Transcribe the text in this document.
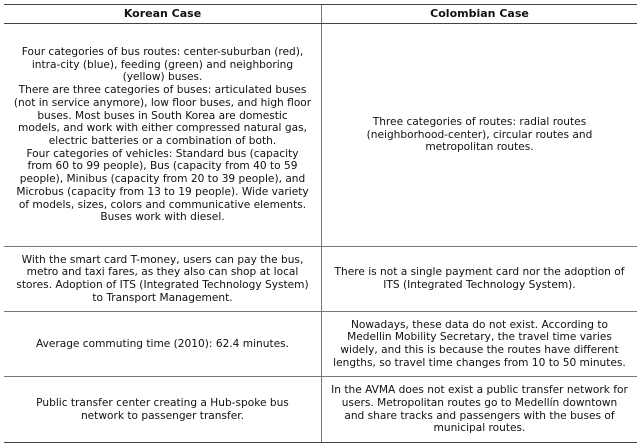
Korean Case	Colombian Case
Four categories of bus routes: center-suburban (red),
intra-city (blue), feeding (green) and neighboring
(yellow) buses.
There are three categories of buses: articulated buses
(not in service anymore), low floor buses, and high floor
buses. Most buses in South Korea are domestic
models, and work with either compressed natural gas,
electric batteries or a combination of both.
Four categories of vehicles: Standard bus (capacity
from 60 to 99 people), Bus (capacity from 40 to 59
people), Minibus (capacity from 20 to 39 people), and
Microbus (capacity from 13 to 19 people). Wide variety
of models, sizes, colors and communicative elements.
Buses work with diesel.
Three categories of routes: radial routes
(neighborhood-center), circular routes and
metropolitan routes.
With the smart card T-money, users can pay the bus,
metro and taxi fares, as they also can shop at local
stores. Adoption of ITS (Integrated Technology System)
to Transport Management.
There is not a single payment card nor the adoption of
ITS (Integrated Technology System).
Average commuting time (2010): 62.4 minutes.
Nowadays, these data do not exist. According to
Medellin Mobility Secretary, the travel time varies
widely, and this is because the routes have different
lengths, so travel time changes from 10 to 50 minutes.
Public transfer center creating a Hub-spoke bus
network to passenger transfer.
In the AVMA does not exist a public transfer network for
users. Metropolitan routes go to Medellín downtown
and share tracks and passengers with the buses of
municipal routes.
